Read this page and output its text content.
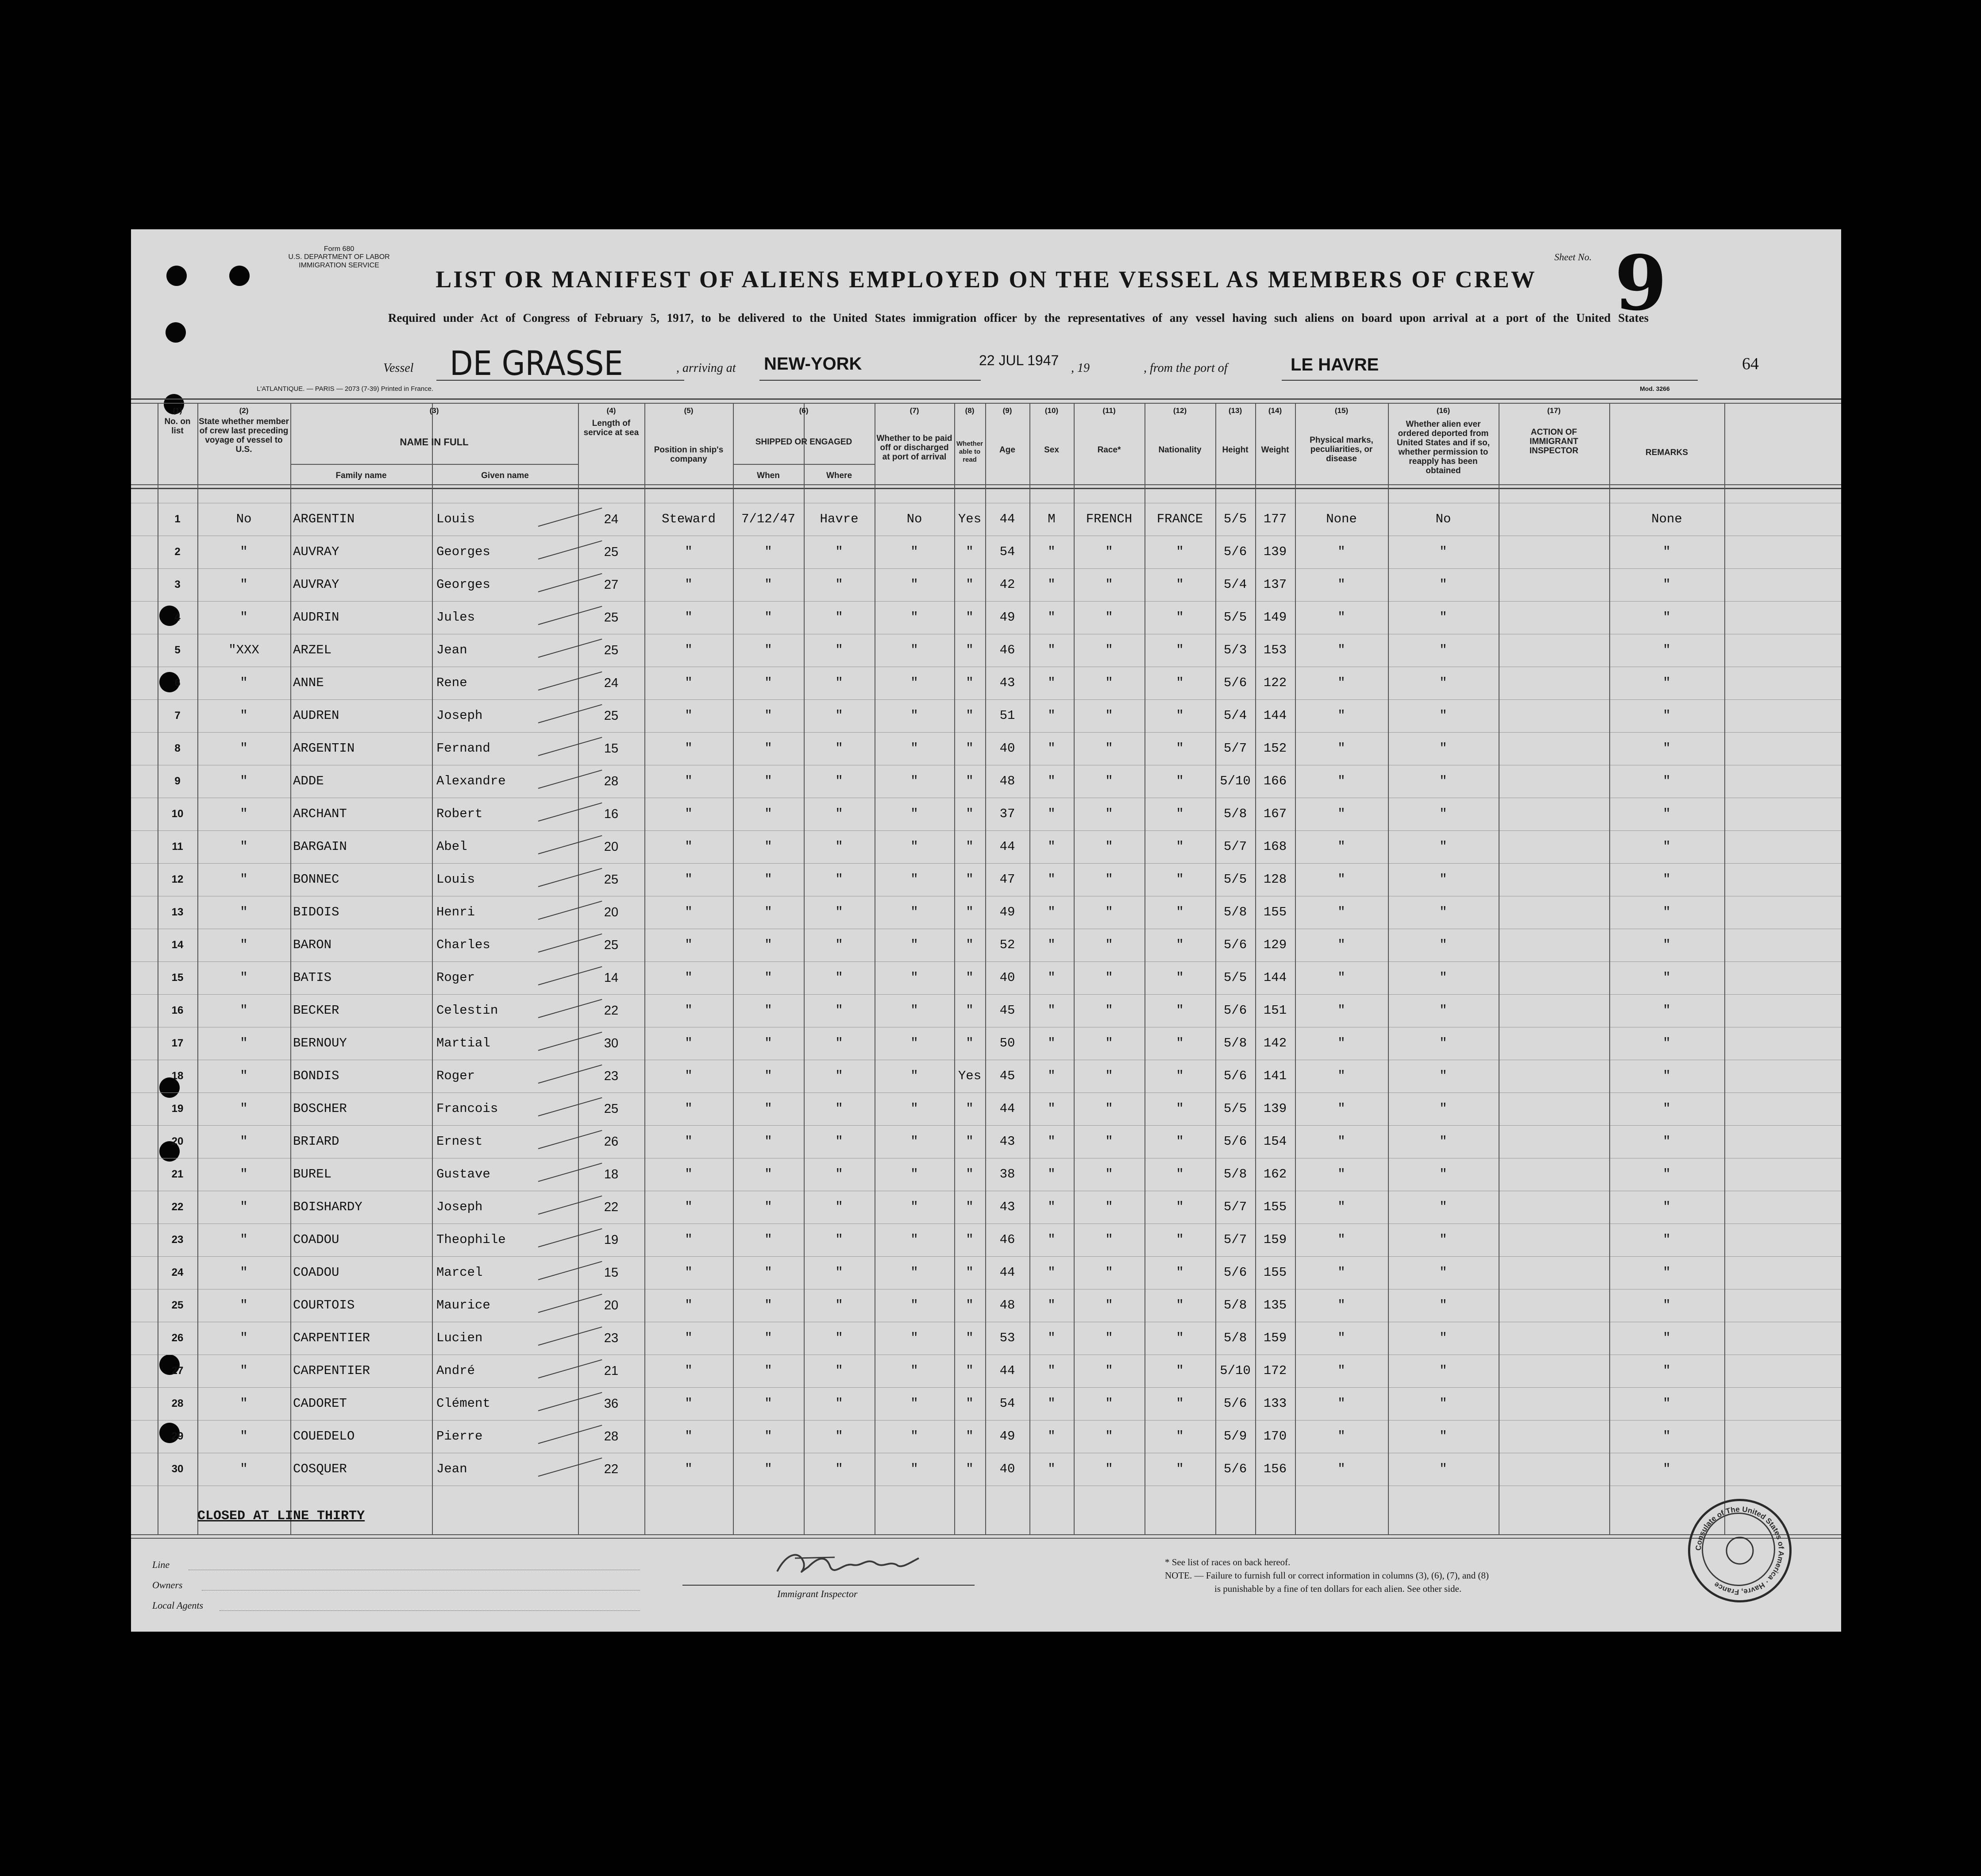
Form 680
U.S. DEPARTMENT OF LABOR
IMMIGRATION SERVICE
LIST OR MANIFEST OF ALIENS EMPLOYED ON THE VESSEL AS MEMBERS OF CREW
Required under Act of Congress of February 5, 1917, to be delivered to the United States immigration officer by the representatives of any vessel having such aliens on board upon arrival at a port of the United States
Sheet No. 9
Vessel DE GRASSE	, arriving at NEW-YORK	22 JUL 1947 , 19	, from the port of	LE HAVRE	64
L'ATLANTIQUE. — PARIS — 2073 (7-39) Printed in France.	Mod. 3266
(1)
No. on list
(2)
State whether member of crew last preceding voyage of vessel to U.S.
(3)
NAME IN FULL
Family name	Given name
(4)
Length of service at sea
(5)
Position in ship's company
(6)
SHIPPED OR ENGAGED
When	Where
(7)
Whether to be paid off or discharged at port of arrival
(8)
Whether able to read
(9)
Age
(10)
Sex
(11)
Race*
(12)
Nationality
(13)
Height
(14)
Weight
(15)
Physical marks, peculiarities, or disease
(16)
Whether alien ever ordered deported from United States and if so, whether permission to reapply has been obtained
(17)
ACTION OF IMMIGRANT INSPECTOR	REMARKS
1	No	ARGENTIN	Louis	24	Steward	7/12/47	Havre	No	Yes	44	M	FRENCH	FRANCE	5/5	177	None	No	None
2	"	AUVRAY	Georges	25	"	"	"	"	"	54	"	"	"	5/6	139	"	"	"
3	"	AUVRAY	Georges	27	"	"	"	"	"	42	"	"	"	5/4	137	"	"	"
4	"	AUDRIN	Jules	25	"	"	"	"	"	49	"	"	"	5/5	149	"	"	"
5	"XXX	ARZEL	Jean	25	"	"	"	"	"	46	"	"	"	5/3	153	"	"	"
6	"	ANNE	Rene	24	"	"	"	"	"	43	"	"	"	5/6	122	"	"	"
7	"	AUDREN	Joseph	25	"	"	"	"	"	51	"	"	"	5/4	144	"	"	"
8	"	ARGENTIN	Fernand	15	"	"	"	"	"	40	"	"	"	5/7	152	"	"	"
9	"	ADDE	Alexandre	28	"	"	"	"	"	48	"	"	"	5/10	166	"	"	"
10	"	ARCHANT	Robert	16	"	"	"	"	"	37	"	"	"	5/8	167	"	"	"
11	"	BARGAIN	Abel	20	"	"	"	"	"	44	"	"	"	5/7	168	"	"	"
12	"	BONNEC	Louis	25	"	"	"	"	"	47	"	"	"	5/5	128	"	"	"
13	"	BIDOIS	Henri	20	"	"	"	"	"	49	"	"	"	5/8	155	"	"	"
14	"	BARON	Charles	25	"	"	"	"	"	52	"	"	"	5/6	129	"	"	"
15	"	BATIS	Roger	14	"	"	"	"	"	40	"	"	"	5/5	144	"	"	"
16	"	BECKER	Celestin	22	"	"	"	"	"	45	"	"	"	5/6	151	"	"	"
17	"	BERNOUY	Martial	30	"	"	"	"	"	50	"	"	"	5/8	142	"	"	"
18	"	BONDIS	Roger	23	"	"	"	"	Yes	45	"	"	"	5/6	141	"	"	"
19	"	BOSCHER	Francois	25	"	"	"	"	"	44	"	"	"	5/5	139	"	"	"
20	"	BRIARD	Ernest	26	"	"	"	"	"	43	"	"	"	5/6	154	"	"	"
21	"	BUREL	Gustave	18	"	"	"	"	"	38	"	"	"	5/8	162	"	"	"
22	"	BOISHARDY	Joseph	22	"	"	"	"	"	43	"	"	"	5/7	155	"	"	"
23	"	COADOU	Theophile	19	"	"	"	"	"	46	"	"	"	5/7	159	"	"	"
24	"	COADOU	Marcel	15	"	"	"	"	"	44	"	"	"	5/6	155	"	"	"
25	"	COURTOIS	Maurice	20	"	"	"	"	"	48	"	"	"	5/8	135	"	"	"
26	"	CARPENTIER	Lucien	23	"	"	"	"	"	53	"	"	"	5/8	159	"	"	"
27	"	CARPENTIER	André	21	"	"	"	"	"	44	"	"	"	5/10	172	"	"	"
28	"	CADORET	Clément	36	"	"	"	"	"	54	"	"	"	5/6	133	"	"	"
29	"	COUEDELO	Pierre	28	"	"	"	"	"	49	"	"	"	5/9	170	"	"	"
30	"	COSQUER	Jean	22	"	"	"	"	"	40	"	"	"	5/6	156	"	"	"
CLOSED AT LINE THIRTY
Line
Owners
Local Agents
Immigrant Inspector
* See list of races on back hereof.
NOTE. — Failure to furnish full or correct information in columns (3), (6), (7), and (8)
is punishable by a fine of ten dollars for each alien. See other side.
Consulate of The United States of America · Havre, France
